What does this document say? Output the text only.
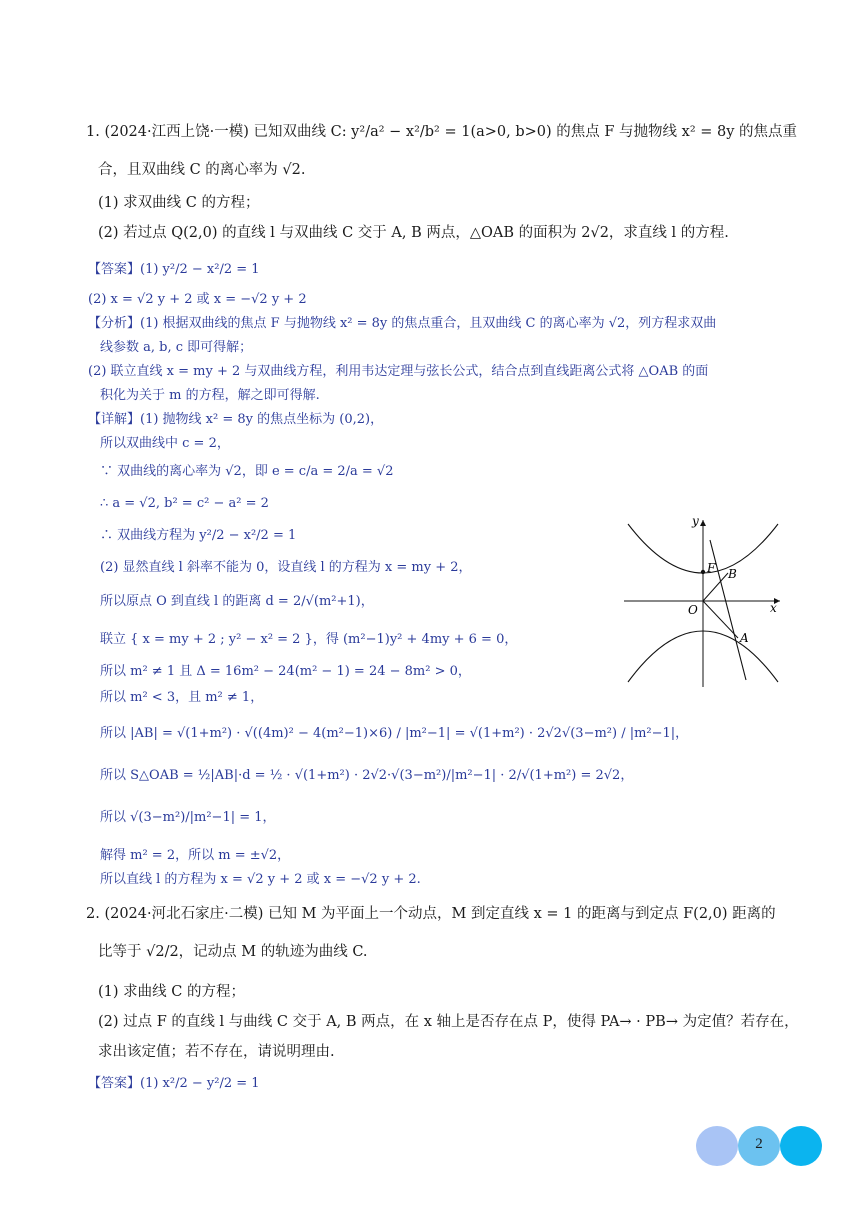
1. (2024·江西上饶·一模) 已知双曲线 C: y²/a² − x²/b² = 1(a>0, b>0) 的焦点 F 与抛物线 x² = 8y 的焦点重
合，且双曲线 C 的离心率为 √2.
(1) 求双曲线 C 的方程；
(2) 若过点 Q(2,0) 的直线 l 与双曲线 C 交于 A, B 两点，△OAB 的面积为 2√2，求直线 l 的方程.
【答案】(1) y²/2 − x²/2 = 1
(2) x = √2 y + 2 或 x = −√2 y + 2
【分析】(1) 根据双曲线的焦点 F 与抛物线 x² = 8y 的焦点重合，且双曲线 C 的离心率为 √2，列方程求双曲
线参数 a, b, c 即可得解；
(2) 联立直线 x = my + 2 与双曲线方程，利用韦达定理与弦长公式，结合点到直线距离公式将 △OAB 的面
积化为关于 m 的方程，解之即可得解.
【详解】(1) 抛物线 x² = 8y 的焦点坐标为 (0,2)，
所以双曲线中 c = 2，
∵ 双曲线的离心率为 √2，即 e = c/a = 2/a = √2
∴ a = √2, b² = c² − a² = 2
∴ 双曲线方程为 y²/2 − x²/2 = 1
(2) 显然直线 l 斜率不能为 0，设直线 l 的方程为 x = my + 2，
所以原点 O 到直线 l 的距离 d = 2/√(m²+1)，
联立 { x = my + 2 ; y² − x² = 2 }，得 (m²−1)y² + 4my + 6 = 0，
所以 m² ≠ 1 且 Δ = 16m² − 24(m² − 1) = 24 − 8m² > 0，
所以 m² < 3，且 m² ≠ 1，
所以 |AB| = √(1+m²) · √((4m)² − 4(m²−1)×6) / |m²−1| = √(1+m²) · 2√2√(3−m²) / |m²−1|，
所以 S△OAB = ½|AB|·d = ½ · √(1+m²) · 2√2·√(3−m²)/|m²−1| · 2/√(1+m²) = 2√2，
所以 √(3−m²)/|m²−1| = 1，
解得 m² = 2，所以 m = ±√2，
所以直线 l 的方程为 x = √2 y + 2 或 x = −√2 y + 2.
2. (2024·河北石家庄·二模) 已知 M 为平面上一个动点，M 到定直线 x = 1 的距离与到定点 F(2,0) 距离的
比等于 √2/2，记动点 M 的轨迹为曲线 C.
(1) 求曲线 C 的方程；
(2) 过点 F 的直线 l 与曲线 C 交于 A, B 两点，在 x 轴上是否存在点 P，使得 PA→ · PB→ 为定值？若存在，
求出该定值；若不存在，请说明理由.
【答案】(1) x²/2 − y²/2 = 1
y
x
O
F B
A
2
